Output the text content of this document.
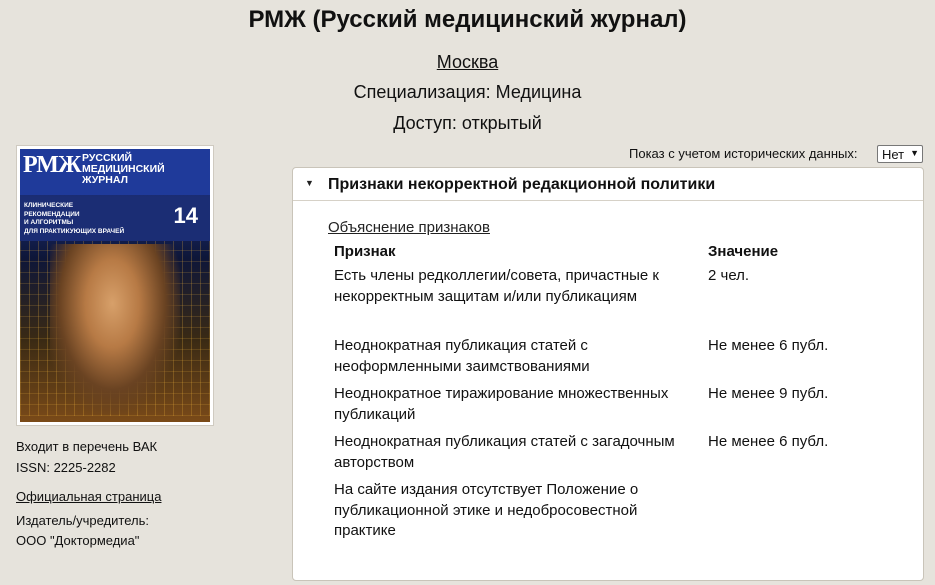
РМЖ (Русский медицинский журнал)
Москва
Специализация: Медицина
Доступ: открытый
РМЖ РУССКИЙ
МЕДИЦИНСКИЙ
ЖУРНАЛ
КЛИНИЧЕСКИЕ
РЕКОМЕНДАЦИИ
И АЛГОРИТМЫ
ДЛЯ ПРАКТИКУЮЩИХ ВРАЧЕЙ
14
Входит в перечень ВАК
ISSN: 2225-2282
Официальная страница
Издатель/учредитель:
ООО "Доктормедиа"
Показ с учетом исторических данных:	Нет ▼
▼ Признаки некорректной редакционной политики
Объяснение признаков
Признак	Значение
Есть члены редколлегии/совета, причастные к некорректным защитам и/или публикациям
2 чел.
Неоднократная публикация статей с неоформленными заимствованиями
Не менее 6 публ.
Неоднократное тиражирование множественных публикаций
Не менее 9 публ.
Неоднократная публикация статей с загадочным авторством
Не менее 6 публ.
На сайте издания отсутствует Положение о публикационной этике и недобросовестной практике
